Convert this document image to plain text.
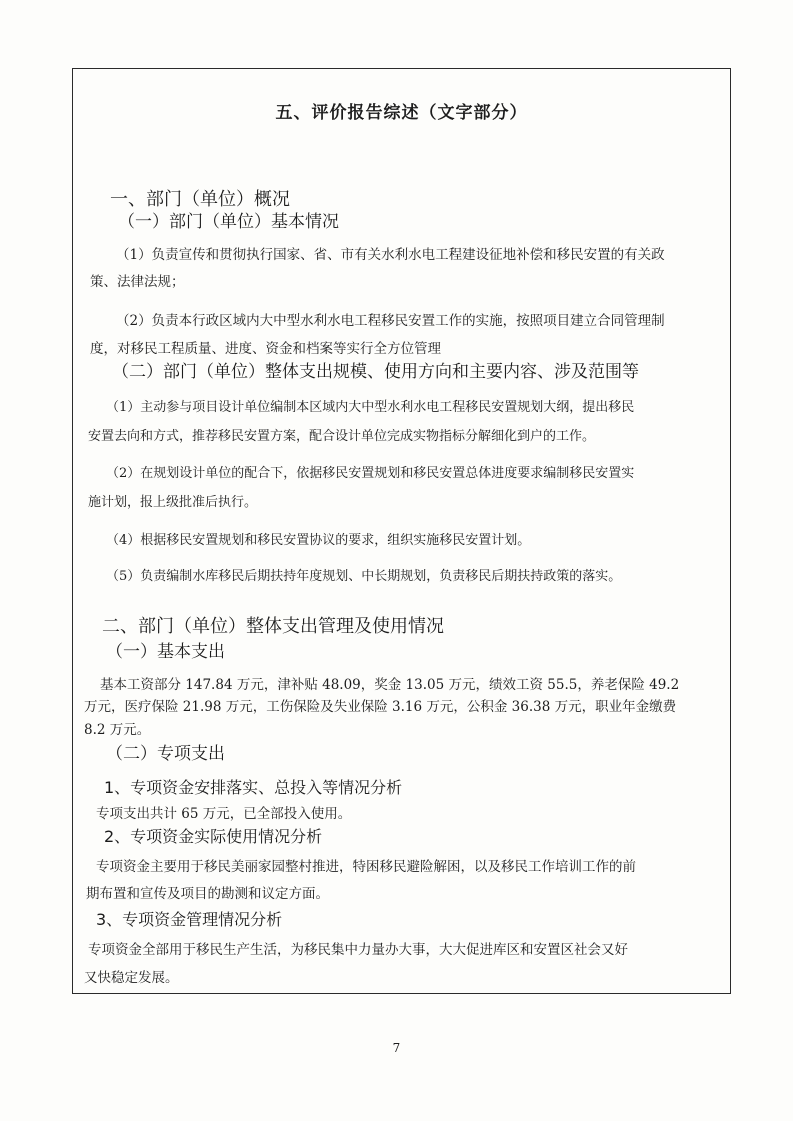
五、评价报告综述（文字部分）
一、部门（单位）概况
（一）部门（单位）基本情况
（1）负责宣传和贯彻执行国家、省、市有关水利水电工程建设征地补偿和移民安置的有关政
策、法律法规；
（2）负责本行政区域内大中型水利水电工程移民安置工作的实施，按照项目建立合同管理制
度，对移民工程质量、进度、资金和档案等实行全方位管理
（二）部门（单位）整体支出规模、使用方向和主要内容、涉及范围等
（1）主动参与项目设计单位编制本区域内大中型水利水电工程移民安置规划大纲，提出移民
安置去向和方式，推荐移民安置方案，配合设计单位完成实物指标分解细化到户的工作。
（2）在规划设计单位的配合下，依据移民安置规划和移民安置总体进度要求编制移民安置实
施计划，报上级批准后执行。
（4）根据移民安置规划和移民安置协议的要求，组织实施移民安置计划。
（5）负责编制水库移民后期扶持年度规划、中长期规划，负责移民后期扶持政策的落实。
二、部门（单位）整体支出管理及使用情况
（一）基本支出
基本工资部分 147.84 万元，津补贴 48.09，奖金 13.05 万元，绩效工资 55.5，养老保险 49.2
万元，医疗保险 21.98 万元，工伤保险及失业保险 3.16 万元，公积金 36.38 万元，职业年金缴费
8.2 万元。
（二）专项支出
1、专项资金安排落实、总投入等情况分析
专项支出共计 65 万元，已全部投入使用。
2、专项资金实际使用情况分析
专项资金主要用于移民美丽家园整村推进，特困移民避险解困，以及移民工作培训工作的前
期布置和宣传及项目的勘测和议定方面。
3、专项资金管理情况分析
专项资金全部用于移民生产生活，为移民集中力量办大事，大大促进库区和安置区社会又好
又快稳定发展。
7
